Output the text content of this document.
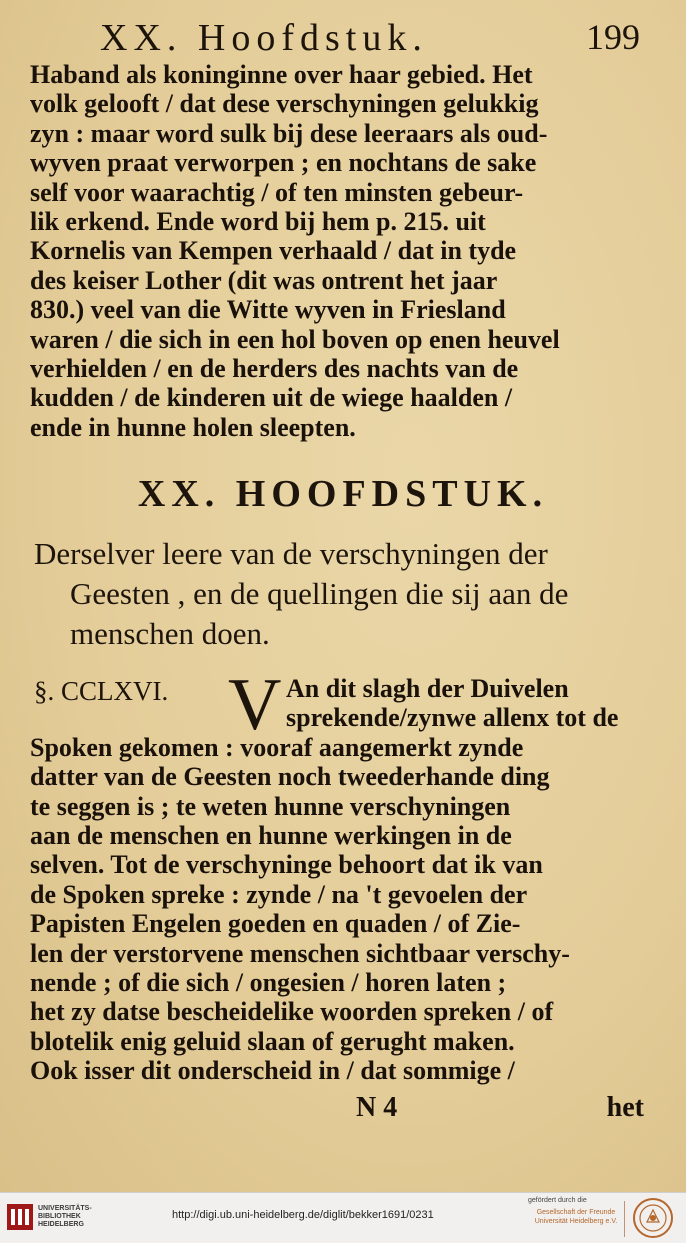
XX. Hoofdstuk.	199
Haband als koninginne over haar gebied. Het
volk gelooft / dat dese verschyningen gelukkig
zyn : maar word sulk bij dese leeraars als oud-
wyven praat verworpen ; en nochtans de sake
self voor waarachtig / of ten minsten gebeur-
lik erkend. Ende word bij hem p. 215. uit
Kornelis van Kempen verhaald / dat in tyde
des keiser Lother (dit was ontrent het jaar
830.) veel van die Witte wyven in Friesland
waren / die sich in een hol boven op enen heuvel
verhielden / en de herders des nachts van de
kudden / de kinderen uit de wiege haalden /
ende in hunne holen sleepten.
XX. HOOFDSTUK.
Derselver leere van de verschyningen der
Geesten , en de quellingen die sij aan de
menschen doen.
§. CCLXVI. V An dit slagh der Duivelen
sprekende/zynwe allenx tot de
Spoken gekomen : vooraf aangemerkt zynde
datter van de Geesten noch tweederhande ding
te seggen is ; te weten hunne verschyningen
aan de menschen en hunne werkingen in de
selven. Tot de verschyninge behoort dat ik van
de Spoken spreke : zynde / na 't gevoelen der
Papisten Engelen goeden en quaden / of Zie-
len der verstorvene menschen sichtbaar verschy-
nende ; of die sich / ongesien / horen laten ;
het zy datse bescheidelike woorden spreken / of
blotelik enig geluid slaan of gerught maken.
Ook isser dit onderscheid in / dat sommige /
N 4	het
UNIVERSITÄTS-
BIBLIOTHEK
HEIDELBERG
http://digi.ub.uni-heidelberg.de/diglit/bekker1691/0231
gefördert durch die
Gesellschaft der Freunde
Universität Heidelberg e.V.
